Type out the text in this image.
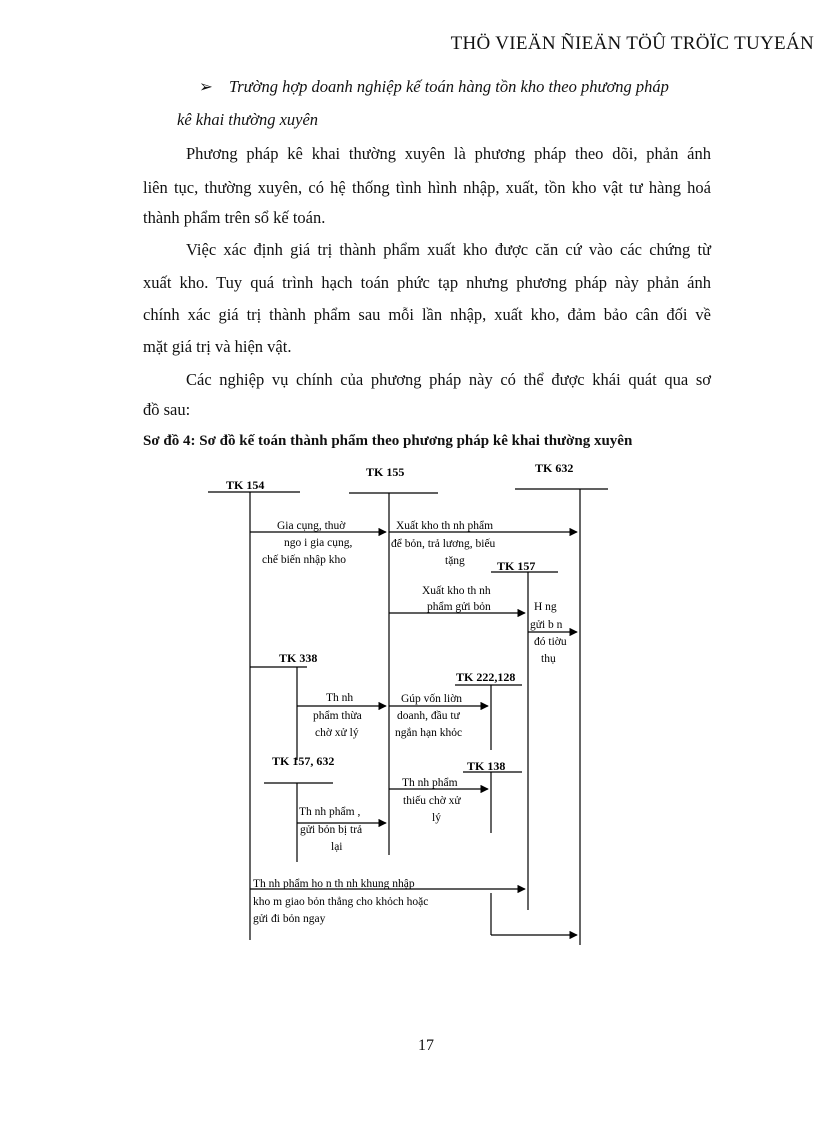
THÖ VIEÄN ÑIEÄN TÖÛ TRÖÏC TUYEÁN
➢ Trường hợp doanh nghiệp kế toán hàng tồn kho theo phương pháp
kê khai thường xuyên
Phương pháp kê khai thường xuyên là phương pháp theo dõi, phản ánh
liên tục, thường xuyên, có hệ thống tình hình nhập, xuất, tồn kho vật tư hàng hoá
thành phẩm trên sổ kế toán.
Việc xác định giá trị thành phẩm xuất kho được căn cứ vào các chứng từ
xuất kho. Tuy quá trình hạch toán phức tạp nhưng phương pháp này phản ánh
chính xác giá trị thành phẩm sau mỗi lần nhập, xuất kho, đảm bảo cân đối về
mặt giá trị và hiện vật.
Các nghiệp vụ chính của phương pháp này có thể được khái quát qua sơ
đồ sau:
Sơ đồ 4: Sơ đồ kế toán thành phẩm theo phương pháp kê khai thường xuyên
TK 154
TK 155	TK 632
TK 157
TK 338
TK 222,128
TK 157, 632	TK 138
Gia cụng, thuờ
ngo i gia cụng,
chế biến nhập kho
Xuất kho th nh phẩm
để bỏn, trả lương, biếu
tặng
Xuất kho th nh
phẩm gửi bỏn	H ng
gửi b n
đó tiờu
thụ
Th nh
phẩm thừa
chờ xử lý
Gúp vốn liờn
doanh, đầu tư
ngắn hạn khỏc
Th nh phẩm
thiếu chờ xử
lý
Th nh phẩm ,
gửi bỏn bị trả
lại
Th nh phẩm ho n th nh khung nhập
kho m giao bỏn thẳng cho khỏch hoặc
gửi đi bỏn ngay
17
